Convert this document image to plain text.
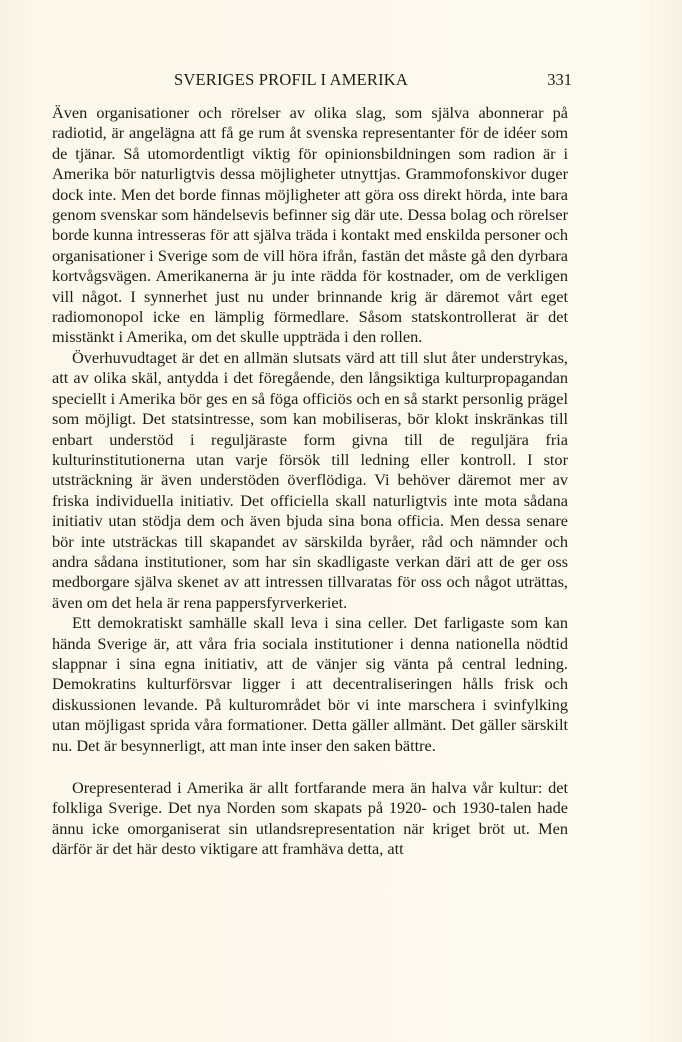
SVERIGES PROFIL I AMERIKA	331

Även organisationer och rörelser av olika slag, som själva abonnerar på radiotid, är angelägna att få ge rum åt svenska representanter för de idéer som de tjänar. Så utomordentligt viktig för opinionsbildningen som radion är i Amerika bör naturligtvis dessa möjligheter utnyttjas. Grammofonskivor duger dock inte. Men det borde finnas möjligheter att göra oss direkt hörda, inte bara genom svenskar som händelsevis befinner sig där ute. Dessa bolag och rörelser borde kunna intresseras för att själva träda i kontakt med enskilda personer och organisationer i Sverige som de vill höra ifrån, fastän det måste gå den dyrbara kortvågsvägen. Amerikanerna är ju inte rädda för kostnader, om de verkligen vill något. I synnerhet just nu under brinnande krig är däremot vårt eget radiomonopol icke en lämplig förmedlare. Såsom statskontrollerat är det misstänkt i Amerika, om det skulle uppträda i den rollen.

Överhuvudtaget är det en allmän slutsats värd att till slut åter understrykas, att av olika skäl, antydda i det föregående, den långsiktiga kulturpropagandan speciellt i Amerika bör ges en så föga officiös och en så starkt personlig prägel som möjligt. Det statsintresse, som kan mobiliseras, bör klokt inskränkas till enbart understöd i reguljäraste form givna till de reguljära fria kulturinstitutionerna utan varje försök till ledning eller kontroll. I stor utsträckning är även understöden överflödiga. Vi behöver däremot mer av friska individuella initiativ. Det officiella skall naturligtvis inte mota sådana initiativ utan stödja dem och även bjuda sina bona officia. Men dessa senare bör inte utsträckas till skapandet av särskilda byråer, råd och nämnder och andra sådana institutioner, som har sin skadligaste verkan däri att de ger oss medborgare själva skenet av att intressen tillvaratas för oss och något uträttas, även om det hela är rena pappersfyrverkeriet.

Ett demokratiskt samhälle skall leva i sina celler. Det farligaste som kan hända Sverige är, att våra fria sociala institutioner i denna nationella nödtid slappnar i sina egna initiativ, att de vänjer sig vänta på central ledning. Demokratins kulturförsvar ligger i att decentraliseringen hålls frisk och diskussionen levande. På kulturområdet bör vi inte marschera i svinfylking utan möjligast sprida våra formationer. Detta gäller allmänt. Det gäller särskilt nu. Det är besynnerligt, att man inte inser den saken bättre.

Orepresenterad i Amerika är allt fortfarande mera än halva vår kultur: det folkliga Sverige. Det nya Norden som skapats på 1920- och 1930-talen hade ännu icke omorganiserat sin utlandsrepresentation när kriget bröt ut. Men därför är det här desto viktigare att framhäva detta, att
